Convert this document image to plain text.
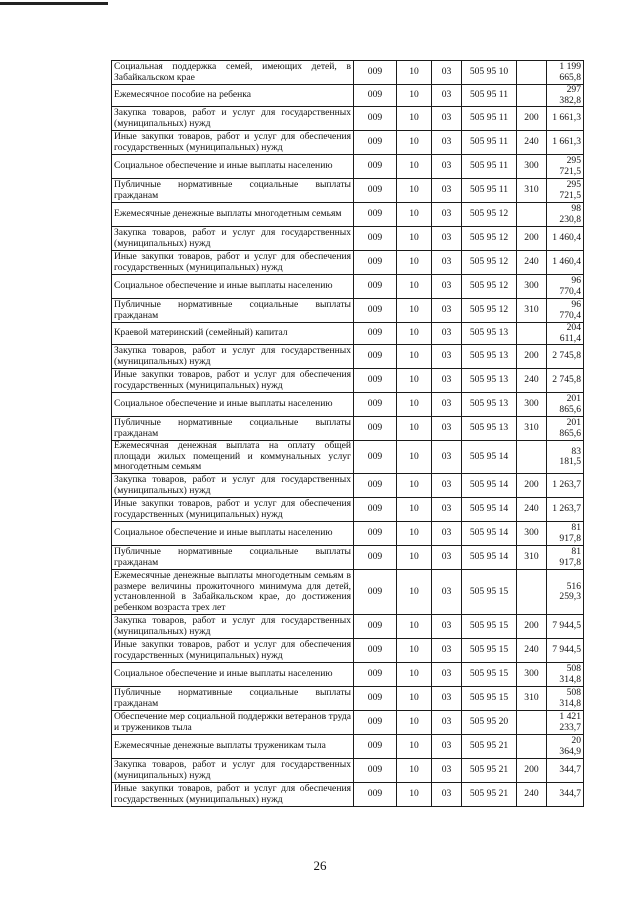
Социальная поддержка семей, имеющих детей, в Забайкальском крае	009	10	03	505 95 10		1 199 665,8
Ежемесячное пособие на ребенка	009	10	03	505 95 11		297 382,8
Закупка товаров, работ и услуг для государственных (муниципальных) нужд	009	10	03	505 95 11	200	1 661,3
Иные закупки товаров, работ и услуг для обеспечения государственных (муниципальных) нужд	009	10	03	505 95 11	240	1 661,3
Социальное обеспечение и иные выплаты населению	009	10	03	505 95 11	300	295 721,5
Публичные нормативные социальные выплаты гражданам	009	10	03	505 95 11	310	295 721,5
Ежемесячные денежные выплаты многодетным семьям	009	10	03	505 95 12		98 230,8
Закупка товаров, работ и услуг для государственных (муниципальных) нужд	009	10	03	505 95 12	200	1 460,4
Иные закупки товаров, работ и услуг для обеспечения государственных (муниципальных) нужд	009	10	03	505 95 12	240	1 460,4
Социальное обеспечение и иные выплаты населению	009	10	03	505 95 12	300	96 770,4
Публичные нормативные социальные выплаты гражданам	009	10	03	505 95 12	310	96 770,4
Краевой материнский (семейный) капитал	009	10	03	505 95 13		204 611,4
Закупка товаров, работ и услуг для государственных (муниципальных) нужд	009	10	03	505 95 13	200	2 745,8
Иные закупки товаров, работ и услуг для обеспечения государственных (муниципальных) нужд	009	10	03	505 95 13	240	2 745,8
Социальное обеспечение и иные выплаты населению	009	10	03	505 95 13	300	201 865,6
Публичные нормативные социальные выплаты гражданам	009	10	03	505 95 13	310	201 865,6
Ежемесячная денежная выплата на оплату общей площади жилых помещений и коммунальных услуг многодетным семьям	009	10	03	505 95 14		83 181,5
Закупка товаров, работ и услуг для государственных (муниципальных) нужд	009	10	03	505 95 14	200	1 263,7
Иные закупки товаров, работ и услуг для обеспечения государственных (муниципальных) нужд	009	10	03	505 95 14	240	1 263,7
Социальное обеспечение и иные выплаты населению	009	10	03	505 95 14	300	81 917,8
Публичные нормативные социальные выплаты гражданам	009	10	03	505 95 14	310	81 917,8
Ежемесячные денежные выплаты многодетным семьям в размере величины прожиточного минимума для детей, установленной в Забайкальском крае, до достижения ребенком возраста трех лет	009	10	03	505 95 15		516 259,3
Закупка товаров, работ и услуг для государственных (муниципальных) нужд	009	10	03	505 95 15	200	7 944,5
Иные закупки товаров, работ и услуг для обеспечения государственных (муниципальных) нужд	009	10	03	505 95 15	240	7 944,5
Социальное обеспечение и иные выплаты населению	009	10	03	505 95 15	300	508 314,8
Публичные нормативные социальные выплаты гражданам	009	10	03	505 95 15	310	508 314,8
Обеспечение мер социальной поддержки ветеранов труда и тружеников тыла	009	10	03	505 95 20		1 421 233,7
Ежемесячные денежные выплаты труженикам тыла	009	10	03	505 95 21		20 364,9
Закупка товаров, работ и услуг для государственных (муниципальных) нужд	009	10	03	505 95 21	200	344,7
Иные закупки товаров, работ и услуг для обеспечения государственных (муниципальных) нужд	009	10	03	505 95 21	240	344,7
26
